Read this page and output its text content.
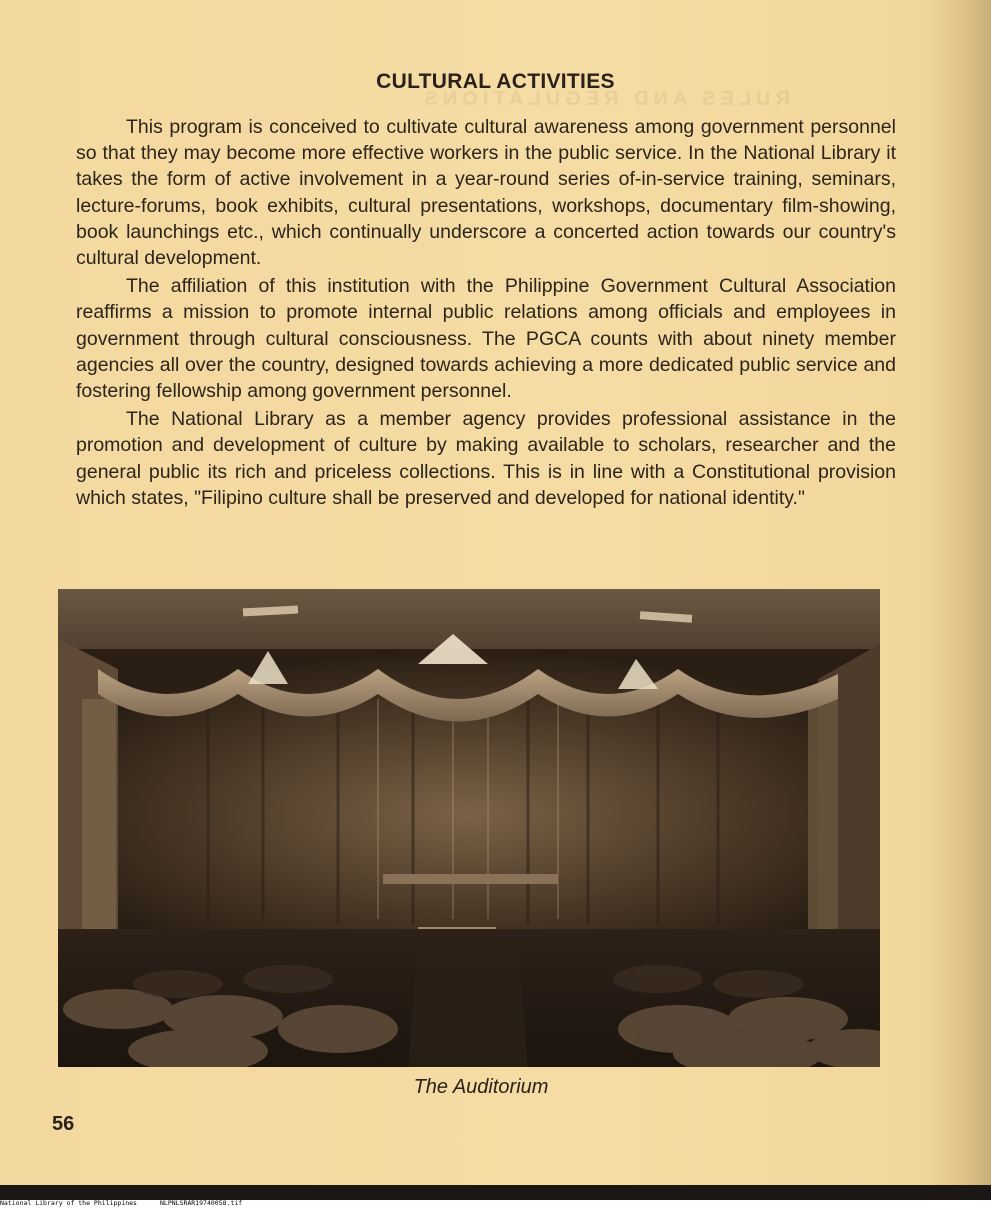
RULES AND REGULATIONS
CULTURAL ACTIVITIES

This program is conceived to cultivate cultural awareness among government personnel so that they may become more effective workers in the public service. In the National Library it takes the form of active involvement in a year-round series of-in-service training, seminars, lecture-forums, book exhibits, cultural presentations, workshops, documentary film-showing, book launchings etc., which continually underscore a concerted action towards our country's cultural development.

The affiliation of this institution with the Philippine Government Cultural Association reaffirms a mission to promote internal public relations among officials and employees in government through cultural consciousness. The PGCA counts with about ninety member agencies all over the country, designed towards achieving a more dedicated public service and fostering fellowship among government personnel.

The National Library as a member agency provides professional assistance in the promotion and development of culture by making available to scholars, researcher and the general public its rich and priceless collections. This is in line with a Constitutional provision which states, "Filipino culture shall be preserved and developed for national identity."

The Auditorium
56
National Library of the Philippines	NLPNLSRAR19740058.tif
